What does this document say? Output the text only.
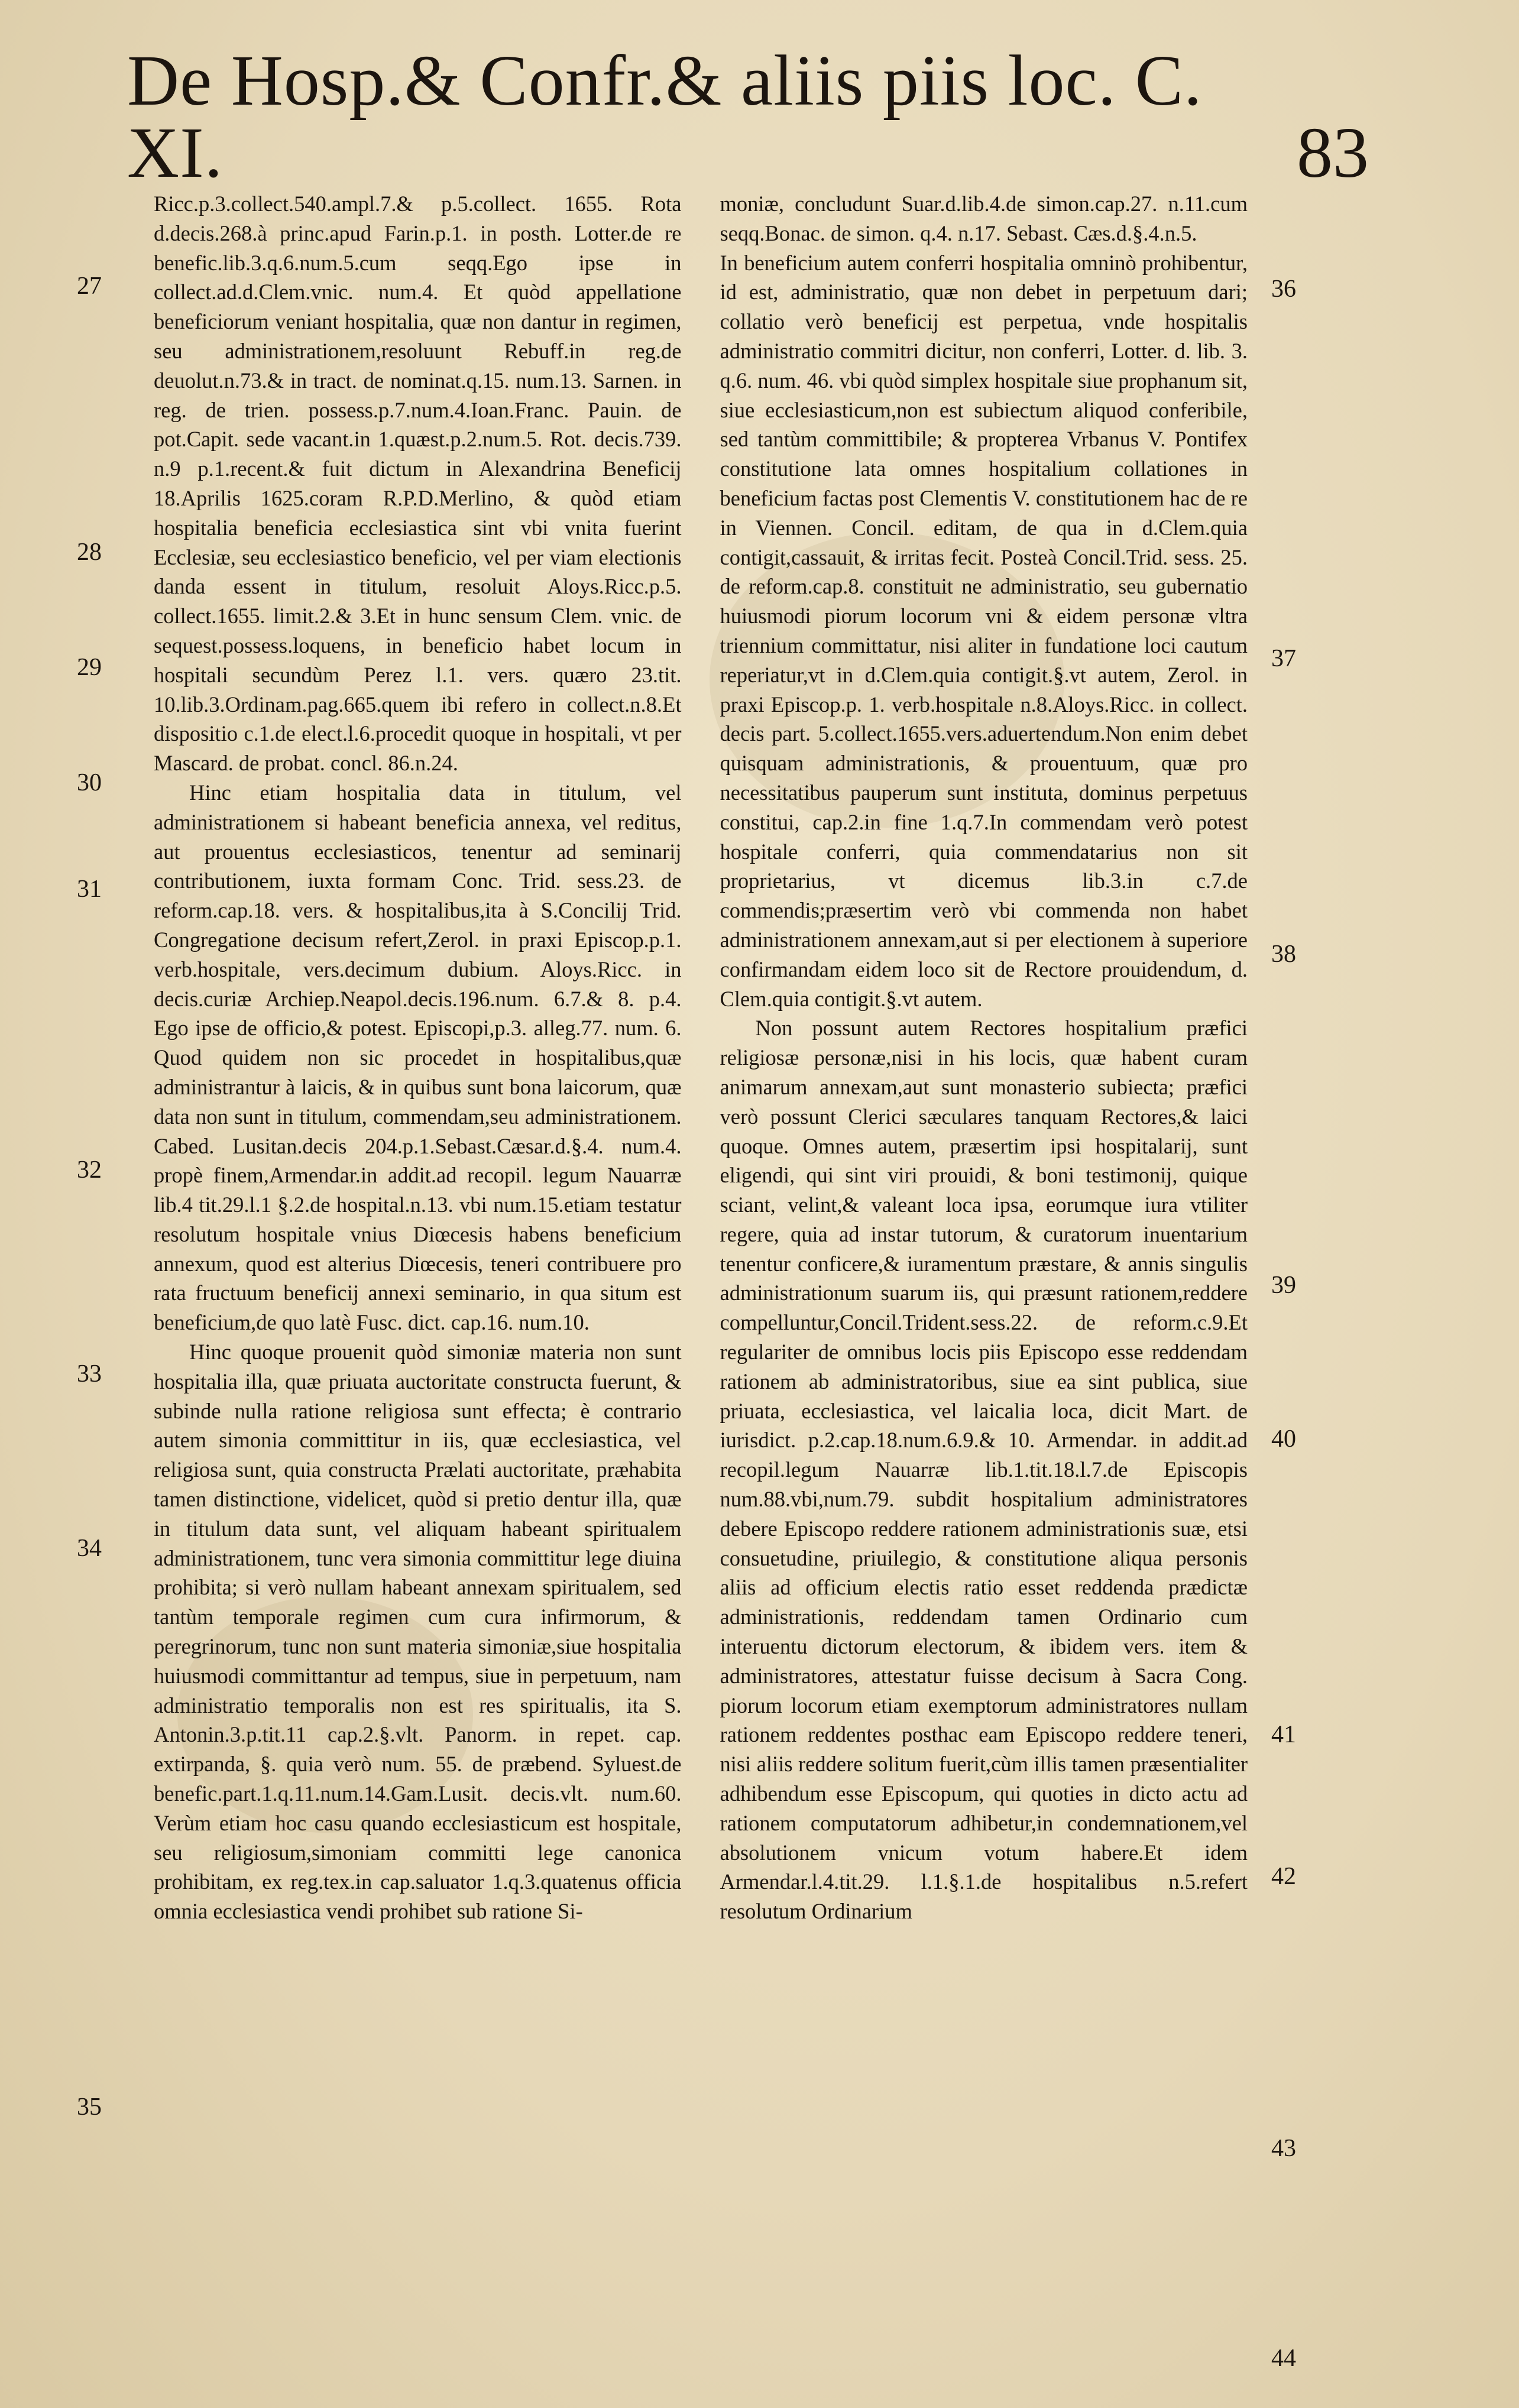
De Hosp.& Confr.& aliis piis loc. C. XI.	83
27
28
29
30
31
32
33
34
35
36
37
38
39
40
41
42
43
44

Ricc.p.3.collect.540.ampl.7.& p.5.collect. 1655. Rota d.decis.268.à princ.apud Farin.p.1. in posth. Lotter.de re benefic.lib.3.q.6.num.5.cum seqq.Ego ipse in collect.ad.d.Clem.vnic. num.4. Et quòd appellatione beneficiorum veniant hospitalia, quæ non dantur in regimen, seu administrationem,resoluunt Rebuff.in reg.de deuolut.n.73.& in tract. de nominat.q.15. num.13. Sarnen. in reg. de trien. possess.p.7.num.4.Ioan.Franc. Pauin. de pot.Capit. sede vacant.in 1.quæst.p.2.num.5. Rot. decis.739. n.9 p.1.recent.& fuit dictum in Alexandrina Beneficij 18.Aprilis 1625.coram R.P.D.Merlino, & quòd etiam hospitalia beneficia ecclesiastica sint vbi vnita fuerint Ecclesiæ, seu ecclesiastico beneficio, vel per viam electionis danda essent in titulum, resoluit Aloys.Ricc.p.5. collect.1655. limit.2.& 3.Et in hunc sensum Clem. vnic. de sequest.possess.loquens, in beneficio habet locum in hospitali secundùm Perez l.1. vers. quæro 23.tit. 10.lib.3.Ordinam.pag.665.quem ibi refero in collect.n.8.Et dispositio c.1.de elect.l.6.procedit quoque in hospitali, vt per Mascard. de probat. concl. 86.n.24.

Hinc etiam hospitalia data in titulum, vel administrationem si habeant beneficia annexa, vel reditus, aut prouentus ecclesiasticos, tenentur ad seminarij contributionem, iuxta formam Conc. Trid. sess.23. de reform.cap.18. vers. & hospitalibus,ita à S.Concilij Trid. Congregatione decisum refert,Zerol. in praxi Episcop.p.1. verb.hospitale, vers.decimum dubium. Aloys.Ricc. in decis.curiæ Archiep.Neapol.decis.196.num. 6.7.& 8. p.4. Ego ipse de officio,& potest. Episcopi,p.3. alleg.77. num. 6. Quod quidem non sic procedet in hospitalibus,quæ administrantur à laicis, & in quibus sunt bona laicorum, quæ data non sunt in titulum, commendam,seu administrationem. Cabed. Lusitan.decis 204.p.1.Sebast.Cæsar.d.§.4. num.4. propè finem,Armendar.in addit.ad recopil. legum Nauarræ lib.4 tit.29.l.1 §.2.de hospital.n.13. vbi num.15.etiam testatur resolutum hospitale vnius Diœcesis habens beneficium annexum, quod est alterius Diœcesis, teneri contribuere pro rata fructuum beneficij annexi seminario, in qua situm est beneficium,de quo latè Fusc. dict. cap.16. num.10.

Hinc quoque prouenit quòd simoniæ materia non sunt hospitalia illa, quæ priuata auctoritate constructa fuerunt, & subinde nulla ratione religiosa sunt effecta; è contrario autem simonia committitur in iis, quæ ecclesiastica, vel religiosa sunt, quia constructa Prælati auctoritate, præhabita tamen distinctione, videlicet, quòd si pretio dentur illa, quæ in titulum data sunt, vel aliquam habeant spiritualem administrationem, tunc vera simonia committitur lege diuina prohibita; si verò nullam habeant annexam spiritualem, sed tantùm temporale regimen cum cura infirmorum, & peregrinorum, tunc non sunt materia simoniæ,siue hospitalia huiusmodi committantur ad tempus, siue in perpetuum, nam administratio temporalis non est res spiritualis, ita S. Antonin.3.p.tit.11 cap.2.§.vlt. Panorm. in repet. cap. extirpanda, §. quia verò num. 55. de præbend. Syluest.de benefic.part.1.q.11.num.14.Gam.Lusit. decis.vlt. num.60. Verùm etiam hoc casu quando ecclesiasticum est hospitale, seu religiosum,simoniam committi lege canonica prohibitam, ex reg.tex.in cap.saluator 1.q.3.quatenus officia omnia ecclesiastica vendi prohibet sub ratione Si-

moniæ, concludunt Suar.d.lib.4.de simon.cap.27. n.11.cum seqq.Bonac. de simon. q.4. n.17. Sebast. Cæs.d.§.4.n.5.

In beneficium autem conferri hospitalia omninò prohibentur, id est, administratio, quæ non debet in perpetuum dari; collatio verò beneficij est perpetua, vnde hospitalis administratio commitri dicitur, non conferri, Lotter. d. lib. 3. q.6. num. 46. vbi quòd simplex hospitale siue prophanum sit, siue ecclesiasticum,non est subiectum aliquod conferibile, sed tantùm committibile; & propterea Vrbanus V. Pontifex constitutione lata omnes hospitalium collationes in beneficium factas post Clementis V. constitutionem hac de re in Viennen. Concil. editam, de qua in d.Clem.quia contigit,cassauit, & irritas fecit. Posteà Concil.Trid. sess. 25. de reform.cap.8. constituit ne administratio, seu gubernatio huiusmodi piorum locorum vni & eidem personæ vltra triennium committatur, nisi aliter in fundatione loci cautum reperiatur,vt in d.Clem.quia contigit.§.vt autem, Zerol. in praxi Episcop.p. 1. verb.hospitale n.8.Aloys.Ricc. in collect. decis part. 5.collect.1655.vers.aduertendum.Non enim debet quisquam administrationis, & prouentuum, quæ pro necessitatibus pauperum sunt instituta, dominus perpetuus constitui, cap.2.in fine 1.q.7.In commendam verò potest hospitale conferri, quia commendatarius non sit proprietarius, vt dicemus lib.3.in c.7.de commendis;præsertim verò vbi commenda non habet administrationem annexam,aut si per electionem à superiore confirmandam eidem loco sit de Rectore prouidendum, d. Clem.quia contigit.§.vt autem.

Non possunt autem Rectores hospitalium præfici religiosæ personæ,nisi in his locis, quæ habent curam animarum annexam,aut sunt monasterio subiecta; præfici verò possunt Clerici sæculares tanquam Rectores,& laici quoque. Omnes autem, præsertim ipsi hospitalarij, sunt eligendi, qui sint viri prouidi, & boni testimonij, quique sciant, velint,& valeant loca ipsa, eorumque iura vtiliter regere, quia ad instar tutorum, & curatorum inuentarium tenentur conficere,& iuramentum præstare, & annis singulis administrationum suarum iis, qui præsunt rationem,reddere compelluntur,Concil.Trident.sess.22. de reform.c.9.Et regulariter de omnibus locis piis Episcopo esse reddendam rationem ab administratoribus, siue ea sint publica, siue priuata, ecclesiastica, vel laicalia loca, dicit Mart. de iurisdict. p.2.cap.18.num.6.9.& 10. Armendar. in addit.ad recopil.legum Nauarræ lib.1.tit.18.l.7.de Episcopis num.88.vbi,num.79. subdit hospitalium administratores debere Episcopo reddere rationem administrationis suæ, etsi consuetudine, priuilegio, & constitutione aliqua personis aliis ad officium electis ratio esset reddenda prædictæ administrationis, reddendam tamen Ordinario cum interuentu dictorum electorum, & ibidem vers. item & administratores, attestatur fuisse decisum à Sacra Cong. piorum locorum etiam exemptorum administratores nullam rationem reddentes posthac eam Episcopo reddere teneri, nisi aliis reddere solitum fuerit,cùm illis tamen præsentialiter adhibendum esse Episcopum, qui quoties in dicto actu ad rationem computatorum adhibetur,in condemnationem,vel absolutionem vnicum votum habere.Et idem Armendar.l.4.tit.29. l.1.§.1.de hospitalibus n.5.refert resolutum Ordinarium
